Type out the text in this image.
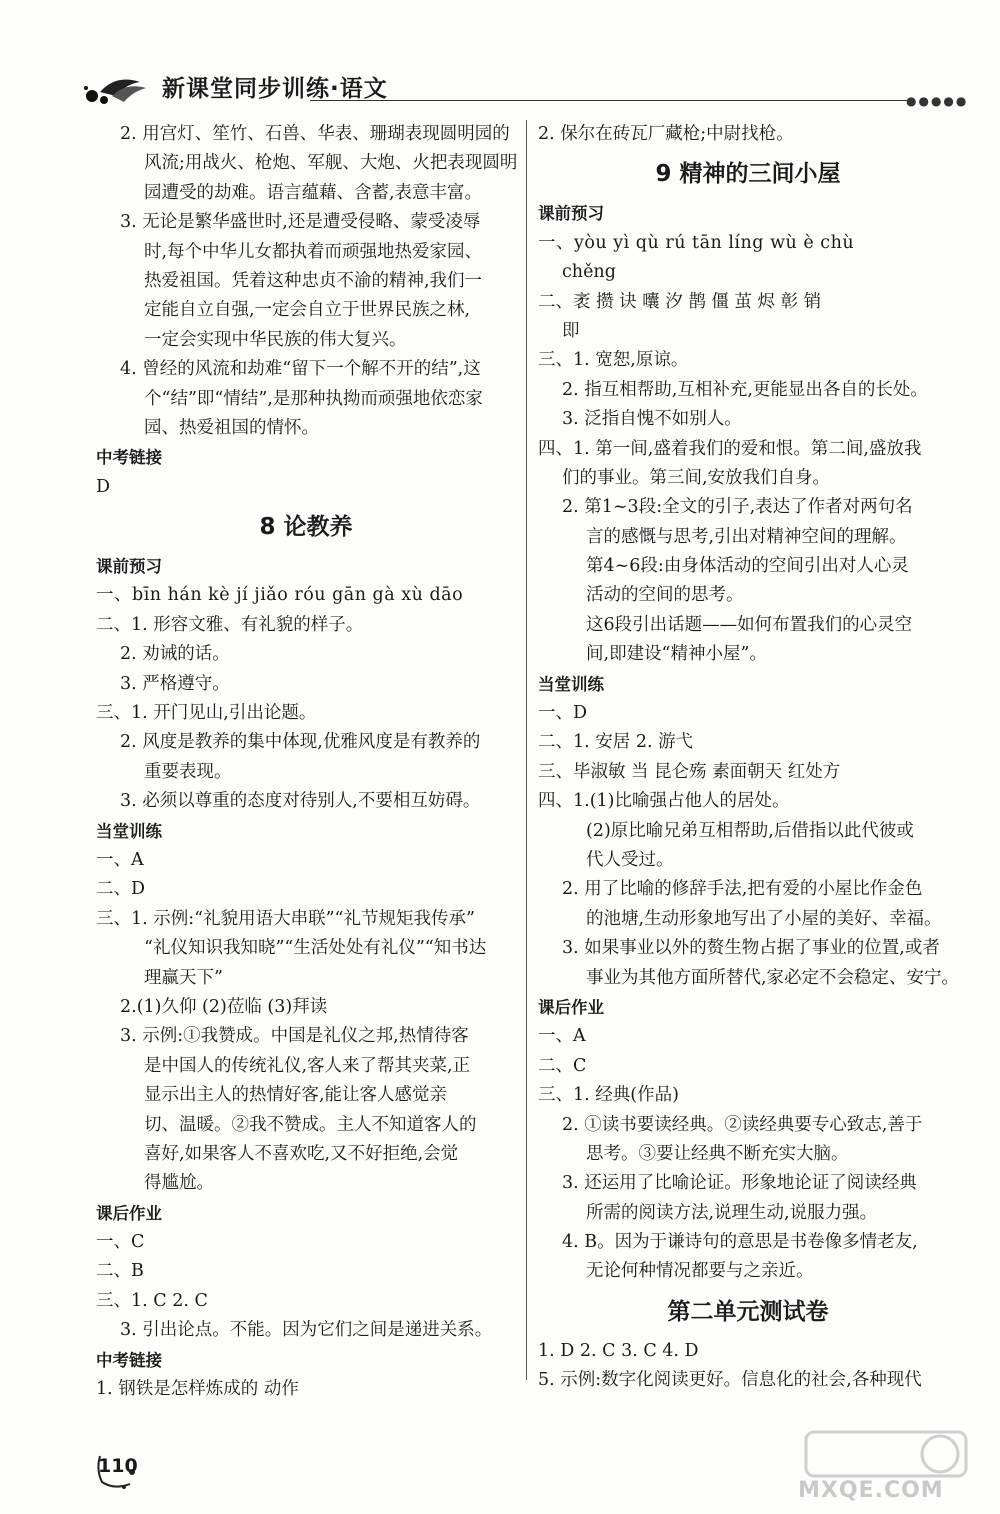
新课堂同步训练·语文	●●●●●
2. 用宫灯、笙竹、石兽、华表、珊瑚表现圆明园的
风流;用战火、枪炮、军舰、大炮、火把表现圆明
园遭受的劫难。语言蕴藉、含蓄,表意丰富。
3. 无论是繁华盛世时,还是遭受侵略、蒙受凌辱
时,每个中华儿女都执着而顽强地热爱家园、
热爱祖国。凭着这种忠贞不渝的精神,我们一
定能自立自强,一定会自立于世界民族之林,
一定会实现中华民族的伟大复兴。
4. 曾经的风流和劫难“留下一个解不开的结”,这
个“结”即“情结”,是那种执拗而顽强地依恋家
园、热爱祖国的情怀。
中考链接
D
8 论教养
课前预习
一、bīn hán kè jí jiǎo róu gān gà xù dāo
二、1. 形容文雅、有礼貌的样子。
2. 劝诫的话。
3. 严格遵守。
三、1. 开门见山,引出论题。
2. 风度是教养的集中体现,优雅风度是有教养的
重要表现。
3. 必须以尊重的态度对待别人,不要相互妨碍。
当堂训练
一、A
二、D
三、1. 示例:“礼貌用语大串联”“礼节规矩我传承”
“礼仪知识我知晓”“生活处处有礼仪”“知书达
理赢天下”
2.(1)久仰 (2)莅临 (3)拜读
3. 示例:①我赞成。中国是礼仪之邦,热情待客
是中国人的传统礼仪,客人来了帮其夹菜,正
显示出主人的热情好客,能让客人感觉亲
切、温暖。②我不赞成。主人不知道客人的
喜好,如果客人不喜欢吃,又不好拒绝,会觉
得尴尬。
课后作业
一、C
二、B
三、1. C 2. C
3. 引出论点。不能。因为它们之间是递进关系。
中考链接
1. 钢铁是怎样炼成的 动作
2. 保尔在砖瓦厂藏枪;中尉找枪。
9 精神的三间小屋
课前预习
一、yòu yì qù rú tān líng wù è chù
chěng
二、袤 攒 诀 囔 汐 鹊 僵 茧 烬 彰 销
即
三、1. 宽恕,原谅。
2. 指互相帮助,互相补充,更能显出各自的长处。
3. 泛指自愧不如别人。
四、1. 第一间,盛着我们的爱和恨。第二间,盛放我
们的事业。第三间,安放我们自身。
2. 第1~3段:全文的引子,表达了作者对两句名
言的感慨与思考,引出对精神空间的理解。
第4~6段:由身体活动的空间引出对人心灵
活动的空间的思考。
这6段引出话题——如何布置我们的心灵空
间,即建设“精神小屋”。
当堂训练
一、D
二、1. 安居 2. 游弋
三、毕淑敏 当 昆仑殇 素面朝天 红处方
四、1.(1)比喻强占他人的居处。
(2)原比喻兄弟互相帮助,后借指以此代彼或
代人受过。
2. 用了比喻的修辞手法,把有爱的小屋比作金色
的池塘,生动形象地写出了小屋的美好、幸福。
3. 如果事业以外的赘生物占据了事业的位置,或者
事业为其他方面所替代,家必定不会稳定、安宁。
课后作业
一、A
二、C
三、1. 经典(作品)
2. ①读书要读经典。②读经典要专心致志,善于
思考。③要让经典不断充实大脑。
3. 还运用了比喻论证。形象地论证了阅读经典
所需的阅读方法,说理生动,说服力强。
4. B。因为于谦诗句的意思是书卷像多情老友,
无论何种情况都要与之亲近。
第二单元测试卷
1. D 2. C 3. C 4. D
5. 示例:数字化阅读更好。信息化的社会,各种现代
110
MXQE.COM
